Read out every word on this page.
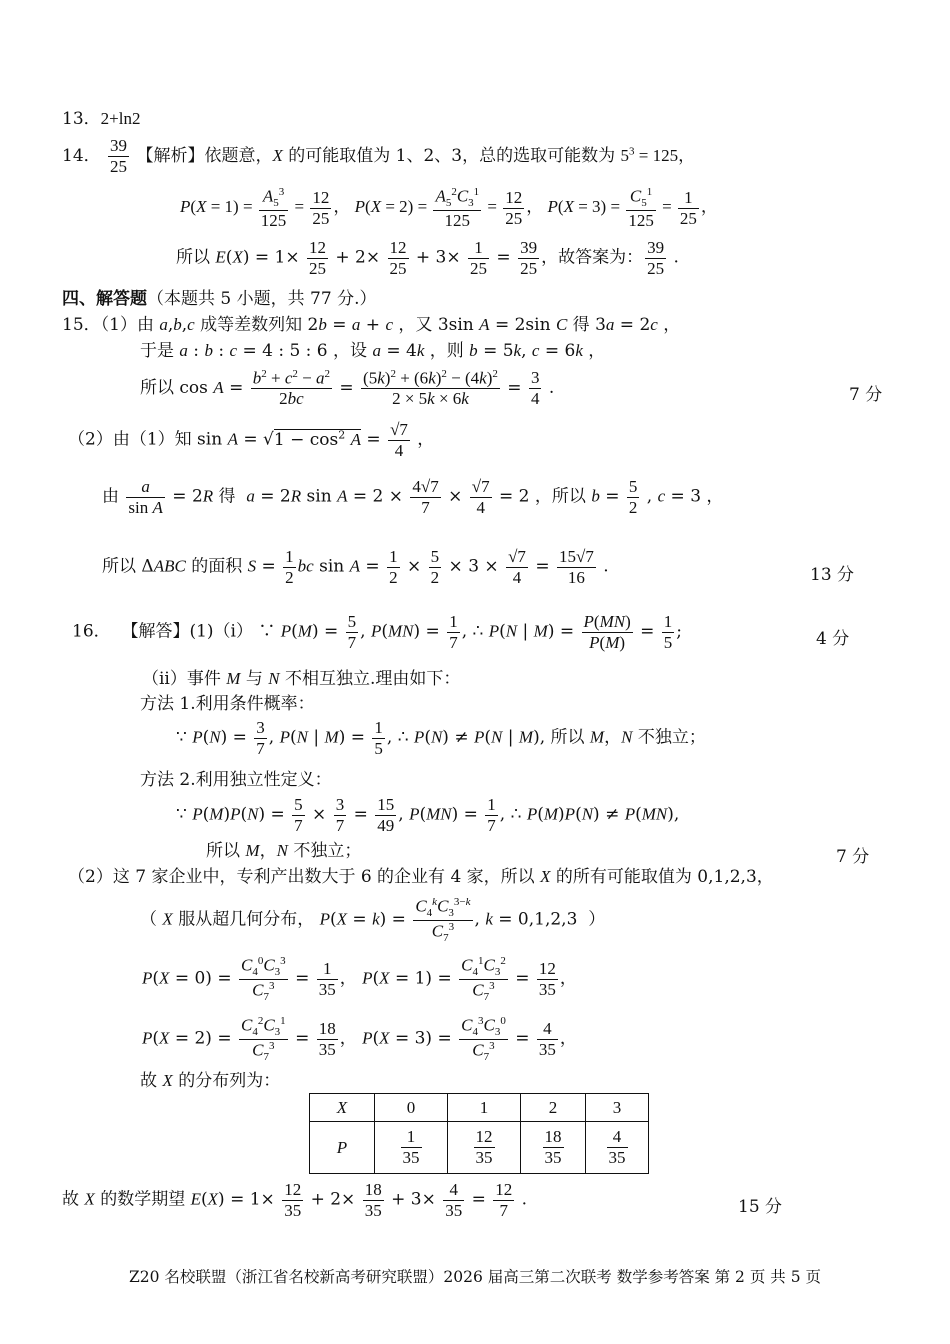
13．2+ln2
14． $\frac{39}{25}$ 【解析】依题意，X 的可能取值为 1、2、3，总的选取可能数为 $5^3 = 125$，
$P(X = 1) = \frac{A_5^3}{125} = \frac{12}{25}$ ， $P(X = 2) = \frac{A_5^2C_3^1}{125} = \frac{12}{25}$ ， $P(X = 3) = \frac{C_5^1}{125} = \frac{1}{25}$ ，
所以 $E(X) = 1\times \frac{12}{25} + 2\times \frac{12}{25} + 3\times \frac{1}{25} = \frac{39}{25}$ ，故答案为： $\frac{39}{25}$ .
四、解答题（本题共 5 小题，共 77 分.）
15．（1）由 a,b,c 成等差数列知 2b = a + c ，又 3sin A = 2sin C 得 3a = 2c ，
于是 a : b : c = 4 : 5 : 6 ，设 a = 4k ，则 b = 5k, c = 6k ，
所以 $\cos A = \frac{b^2 + c^2 - a^2}{2bc} = \frac{(5k)^2 + (6k)^2 - (4k)^2}{2 \times 5k \times 6k} = \frac{3}{4}$ .	7 分
（2）由（1）知 $\sin A = √1 - \cos^2 A = \frac{√7}{4}$ ，
由 $\frac{a}{\text{sin A}} = 2R$ 得  a = 2R $\sin A = 2 \times \frac{4√7}{7} \times \frac{√7}{4} = 2$ ，所以 $b = \frac{5}{2}$ , c = 3 ，
所以 ΔABC 的面积 $S = \frac{1}{2}$ bc $\sin A = \frac{1}{2} \times \frac{5}{2} \times 3 \times \frac{√7}{4} = \frac{15√7}{16}$ .	13 分
16．  【解答】(1)（i） ∵ $P(M) = \frac{5}{7}$ , $P(MN) = \frac{1}{7}$ , ∴ P(N | $M) = \frac{P(MN)}{P(M)} = \frac{1}{5}$ ;	4 分
（ii）事件 M 与 N 不相互独立.理由如下：
方法 1.利用条件概率：
∵ $P(N) = \frac{3}{7}$ , P(N | $M) = \frac{1}{5}$ , ∴ P(N) ≠ P(N | M), 所以 M，N 不独立；
方法 2.利用独立性定义：
∵ $P(M)P(N) = \frac{5}{7} \times \frac{3}{7} = \frac{15}{49}$ , $P(MN) = \frac{1}{7}$ , ∴ P(M)P(N) ≠ P(MN),
所以 M，N 不独立；	7 分
（2）这 7 家企业中，专利产出数大于 6 的企业有 4 家，所以 X 的所有可能取值为 0,1,2,3，
（ X 服从超几何分布， $P(X = k) = \frac{C_4^kC_3^{3-k}}{C_7^3}$ , k = 0,1,2,3  ）
$P(X = 0) = \frac{C_4^0C_3^3}{C_7^3} = \frac{1}{35}$ ， $P(X = 1) = \frac{C_4^1C_3^2}{C_7^3} = \frac{12}{35}$ ，
$P(X = 2) = \frac{C_4^2C_3^1}{C_7^3} = \frac{18}{35}$ ， $P(X = 3) = \frac{C_4^3C_3^0}{C_7^3} = \frac{4}{35}$ ，
故 X 的分布列为：
X	0	1	2	3
P	$\frac{1}{35}$	$\frac{12}{35}$	$\frac{18}{35}$	$\frac{4}{35}$
故 X 的数学期望 $E(X) = 1\times \frac{12}{35} + 2\times \frac{18}{35} + 3\times \frac{4}{35} = \frac{12}{7}$ .	15 分
Z20 名校联盟（浙江省名校新高考研究联盟）2026 届高三第二次联考 数学参考答案 第 2 页 共 5 页
